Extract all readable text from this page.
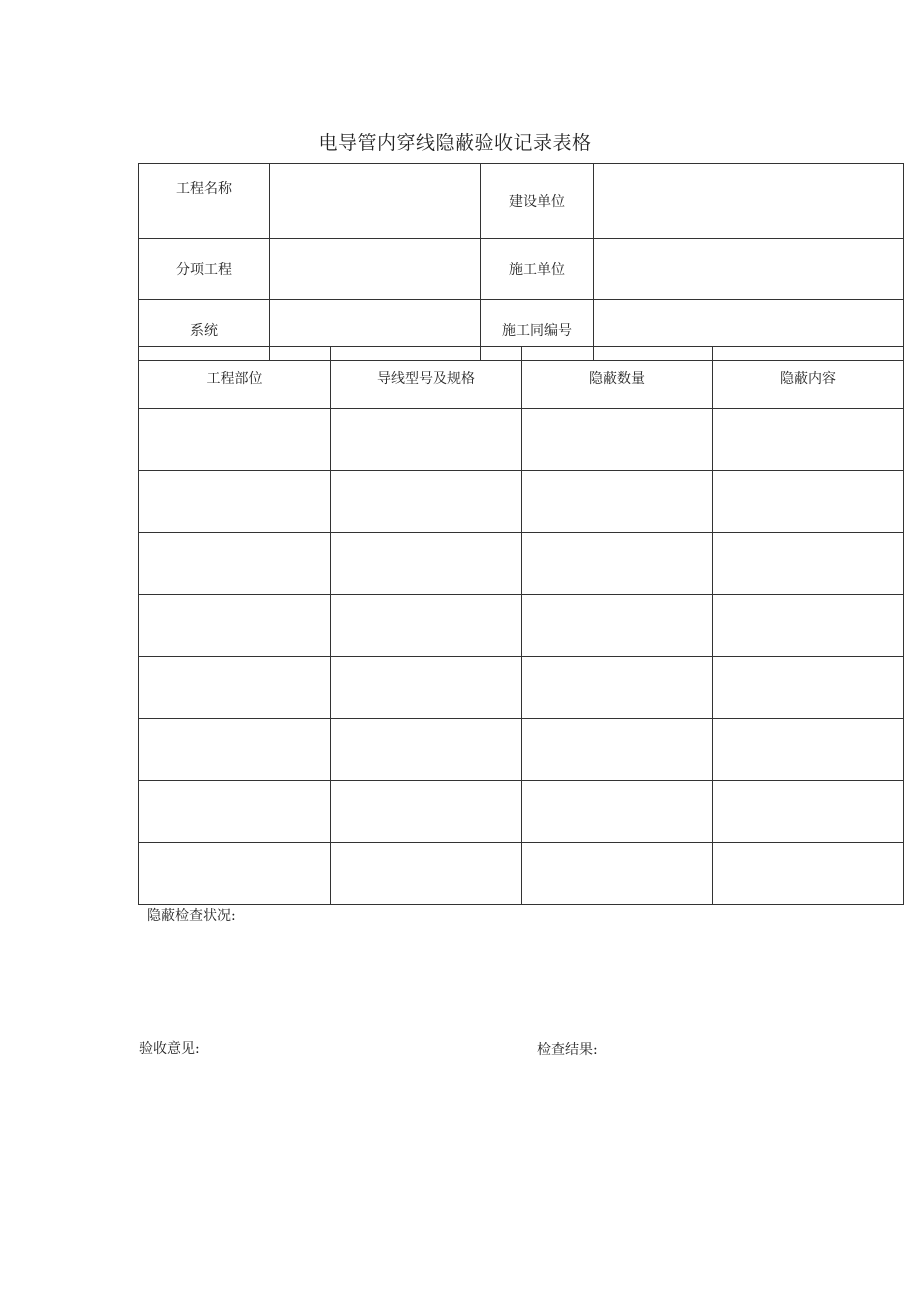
电导管内穿线隐蔽验收记录表格
工程名称		建设单位	
分项工程		施工单位	
系统		施工同编号	
工程部位	导线型号及规格	隐蔽数量	隐蔽内容

隐蔽检查状况:
验收意见:	检查结果:
